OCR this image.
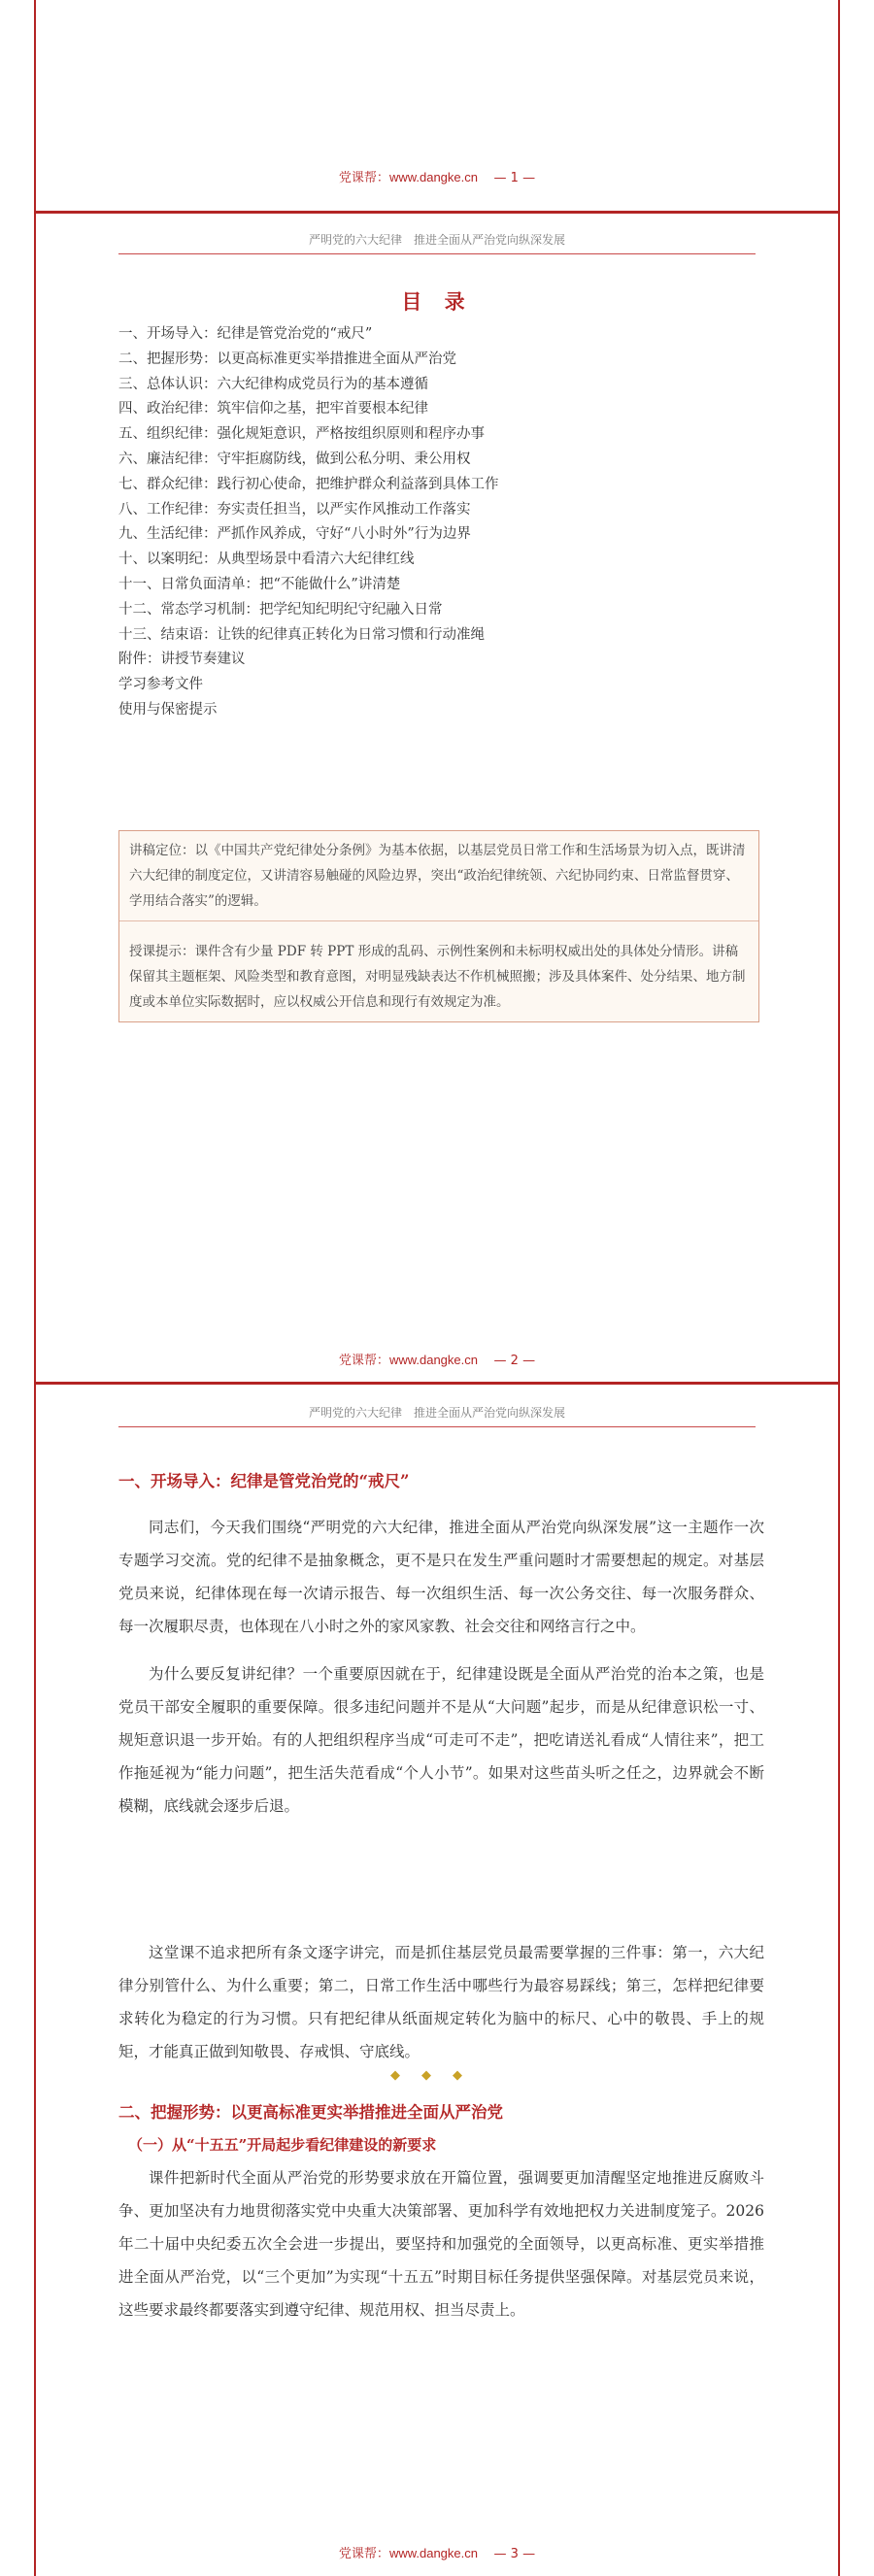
党课帮：www.dangke.cn — 1 —
严明党的六大纪律　推进全面从严治党向纵深发展
目 录
一、开场导入：纪律是管党治党的“戒尺”
二、把握形势：以更高标准更实举措推进全面从严治党
三、总体认识：六大纪律构成党员行为的基本遵循
四、政治纪律：筑牢信仰之基，把牢首要根本纪律
五、组织纪律：强化规矩意识，严格按组织原则和程序办事
六、廉洁纪律：守牢拒腐防线，做到公私分明、秉公用权
七、群众纪律：践行初心使命，把维护群众利益落到具体工作
八、工作纪律：夯实责任担当，以严实作风推动工作落实
九、生活纪律：严抓作风养成，守好“八小时外”行为边界
十、以案明纪：从典型场景中看清六大纪律红线
十一、日常负面清单：把“不能做什么”讲清楚
十二、常态学习机制：把学纪知纪明纪守纪融入日常
十三、结束语：让铁的纪律真正转化为日常习惯和行动准绳
附件：讲授节奏建议
学习参考文件
使用与保密提示
讲稿定位：以《中国共产党纪律处分条例》为基本依据，以基层党员日常工作和生活场景为切入点，既讲清六大纪律的制度定位，又讲清容易触碰的风险边界，突出“政治纪律统领、六纪协同约束、日常监督贯穿、学用结合落实”的逻辑。
授课提示：课件含有少量 PDF 转 PPT 形成的乱码、示例性案例和未标明权威出处的具体处分情形。讲稿保留其主题框架、风险类型和教育意图，对明显残缺表达不作机械照搬；涉及具体案件、处分结果、地方制度或本单位实际数据时，应以权威公开信息和现行有效规定为准。
党课帮：www.dangke.cn — 2 —
严明党的六大纪律　推进全面从严治党向纵深发展
一、开场导入：纪律是管党治党的“戒尺”

同志们，今天我们围绕“严明党的六大纪律，推进全面从严治党向纵深发展”这一主题作一次专题学习交流。党的纪律不是抽象概念，更不是只在发生严重问题时才需要想起的规定。对基层党员来说，纪律体现在每一次请示报告、每一次组织生活、每一次公务交往、每一次服务群众、每一次履职尽责，也体现在八小时之外的家风家教、社会交往和网络言行之中。

为什么要反复讲纪律？一个重要原因就在于，纪律建设既是全面从严治党的治本之策，也是党员干部安全履职的重要保障。很多违纪问题并不是从“大问题”起步，而是从纪律意识松一寸、规矩意识退一步开始。有的人把组织程序当成“可走可不走”，把吃请送礼看成“人情往来”，把工作拖延视为“能力问题”，把生活失范看成“个人小节”。如果对这些苗头听之任之，边界就会不断模糊，底线就会逐步后退。

这堂课不追求把所有条文逐字讲完，而是抓住基层党员最需要掌握的三件事：第一，六大纪律分别管什么、为什么重要；第二，日常工作生活中哪些行为最容易踩线；第三，怎样把纪律要求转化为稳定的行为习惯。只有把纪律从纸面规定转化为脑中的标尺、心中的敬畏、手上的规矩，才能真正做到知敬畏、存戒惧、守底线。

◆◆◆
二、把握形势：以更高标准更实举措推进全面从严治党
（一）从“十五五”开局起步看纪律建设的新要求

课件把新时代全面从严治党的形势要求放在开篇位置，强调要更加清醒坚定地推进反腐败斗争、更加坚决有力地贯彻落实党中央重大决策部署、更加科学有效地把权力关进制度笼子。2026 年二十届中央纪委五次全会进一步提出，要坚持和加强党的全面领导，以更高标准、更实举措推进全面从严治党，以“三个更加”为实现“十五五”时期目标任务提供坚强保障。对基层党员来说，这些要求最终都要落实到遵守纪律、规范用权、担当尽责上。

党课帮：www.dangke.cn — 3 —
